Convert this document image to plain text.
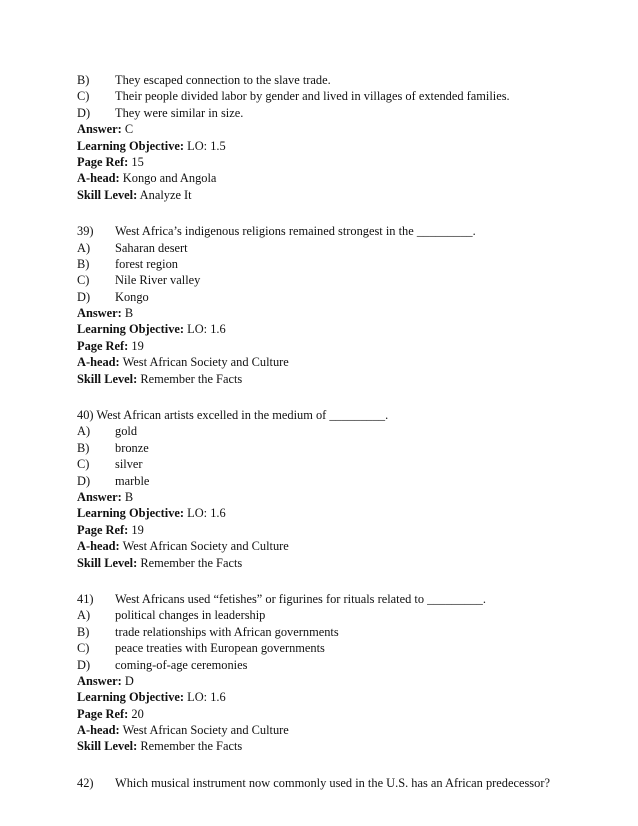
B) They escaped connection to the slave trade.
C) Their people divided labor by gender and lived in villages of extended families.
D) They were similar in size.
Answer: C
Learning Objective: LO: 1.5
Page Ref: 15
A-head: Kongo and Angola
Skill Level: Analyze It
39) West Africa’s indigenous religions remained strongest in the _________.
A) Saharan desert
B) forest region
C) Nile River valley
D) Kongo
Answer: B
Learning Objective: LO: 1.6
Page Ref: 19
A-head: West African Society and Culture
Skill Level: Remember the Facts
40) West African artists excelled in the medium of _________.
A) gold
B) bronze
C) silver
D) marble
Answer: B
Learning Objective: LO: 1.6
Page Ref: 19
A-head: West African Society and Culture
Skill Level: Remember the Facts
41) West Africans used “fetishes” or figurines for rituals related to _________.
A) political changes in leadership
B) trade relationships with African governments
C) peace treaties with European governments
D) coming-of-age ceremonies
Answer: D
Learning Objective: LO: 1.6
Page Ref: 20
A-head: West African Society and Culture
Skill Level: Remember the Facts
42) Which musical instrument now commonly used in the U.S. has an African predecessor?
